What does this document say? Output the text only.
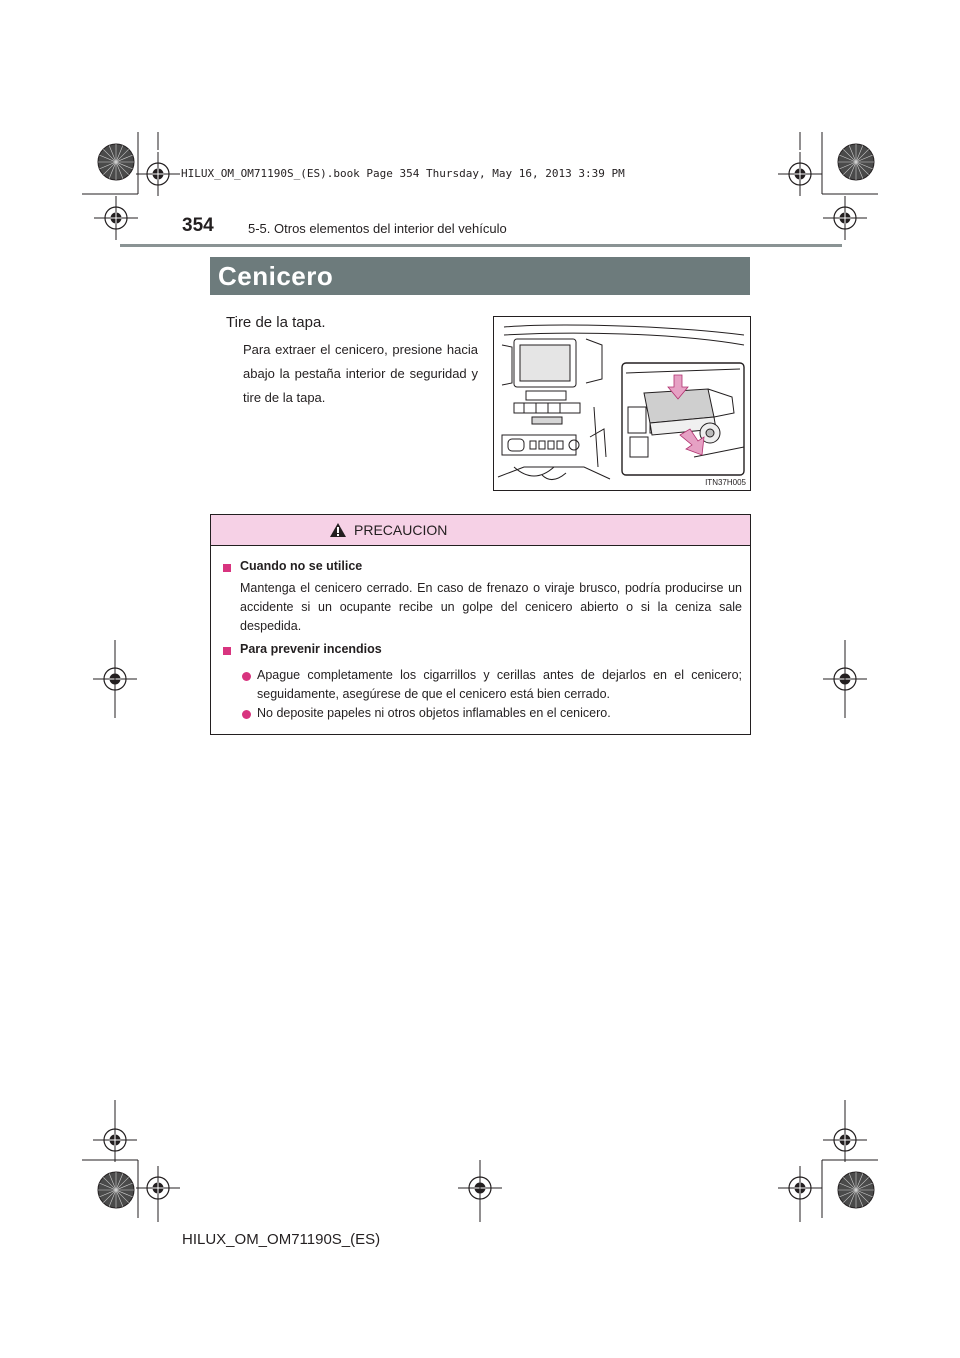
HILUX_OM_OM71190S_(ES).book Page 354 Thursday, May 16, 2013 3:39 PM
354	5-5. Otros elementos del interior del vehículo
Cenicero
Tire de la tapa.
Para extraer el cenicero, presione hacia abajo la pestaña interior de seguridad y tire de la tapa.
ITN37H005
PRECAUCION
Cuando no se utilice
Mantenga el cenicero cerrado. En caso de frenazo o viraje brusco, podría producirse un accidente si un ocupante recibe un golpe del cenicero abierto o si la ceniza sale despedida.
Para prevenir incendios
Apague completamente los cigarrillos y cerillas antes de dejarlos en el cenicero; seguidamente, asegúrese de que el cenicero está bien cerrado.
No deposite papeles ni otros objetos inflamables en el cenicero.
HILUX_OM_OM71190S_(ES)
